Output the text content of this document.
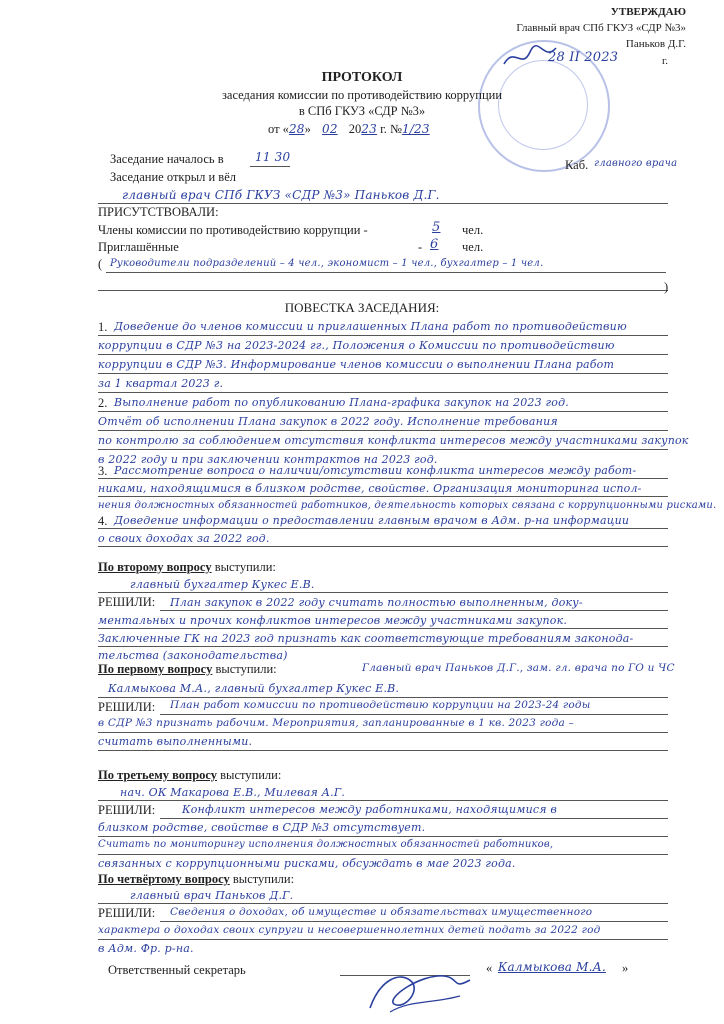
УТВЕРЖДАЮ
Главный врач СПб ГКУЗ «СДР №3»
Паньков Д.Г.
28 II 2023	г.
ПРОТОКОЛ
заседания комиссии по противодействию коррупции
в СПб ГКУЗ «СДР №3»
от «28» 02 2023 г. №1/23
Заседание началось в	11 30
Каб. главного врача
Заседание открыл и вёл
главный врач СПб ГКУЗ «СДР №3» Паньков Д.Г.
ПРИСУТСТВОВАЛИ:
Члены комиссии по противодействию коррупции -	5 чел.
Приглашённые	- 6 чел.
( Руководители подразделений – 4 чел., экономист – 1 чел., бухгалтер – 1 чел.
)
ПОВЕСТКА ЗАСЕДАНИЯ:
1. Доведение до членов комиссии и приглашенных Плана работ по противодействию
коррупции в СДР №3 на 2023-2024 гг., Положения о Комиссии по противодействию
коррупции в СДР №3. Информирование членов комиссии о выполнении Плана работ
за 1 квартал 2023 г.
2. Выполнение работ по опубликованию Плана-графика закупок на 2023 год.
Отчёт об исполнении Плана закупок в 2022 году. Исполнение требования
по контролю за соблюдением отсутствия конфликта интересов между участниками закупок
в 2022 году и при заключении контрактов на 2023 год.
3. Рассмотрение вопроса о наличии/отсутствии конфликта интересов между работ-
никами, находящимися в близком родстве, свойстве. Организация мониторинга испол-
нения должностных обязанностей работников, деятельность которых связана с коррупционными рисками.
4. Доведение информации о предоставлении главным врачом в Адм. р-на информации
о своих доходах за 2022 год.
По второму вопросу выступили:
главный бухгалтер Кукес Е.В.
РЕШИЛИ: План закупок в 2022 году считать полностью выполненным, доку-
ментальных и прочих конфликтов интересов между участниками закупок.
Заключенные ГК на 2023 год признать как соответствующие требованиям законода-
тельства (законодательства)
По первому вопросу выступили:	Главный врач Паньков Д.Г., зам. гл. врача по ГО и ЧС
Калмыкова М.А., главный бухгалтер Кукес Е.В.
РЕШИЛИ: План работ комиссии по противодействию коррупции на 2023-24 годы
в СДР №3 признать рабочим. Мероприятия, запланированные в 1 кв. 2023 года –
считать выполненными.
По третьему вопросу выступили:
нач. ОК Макарова Е.В., Милевая А.Г.
РЕШИЛИ: Конфликт интересов между работниками, находящимися в
близком родстве, свойстве в СДР №3 отсутствует.
Считать по мониторингу исполнения должностных обязанностей работников,
связанных с коррупционными рисками, обсуждать в мае 2023 года.
По четвёртому вопросу выступили:
главный врач Паньков Д.Г.
РЕШИЛИ: Сведения о доходах, об имуществе и обязательствах имущественного
характера о доходах своих супруги и несовершеннолетних детей подать за 2022 год
в Адм. Фр. р-на.
Ответственный секретарь	« Калмыкова М.А. »
